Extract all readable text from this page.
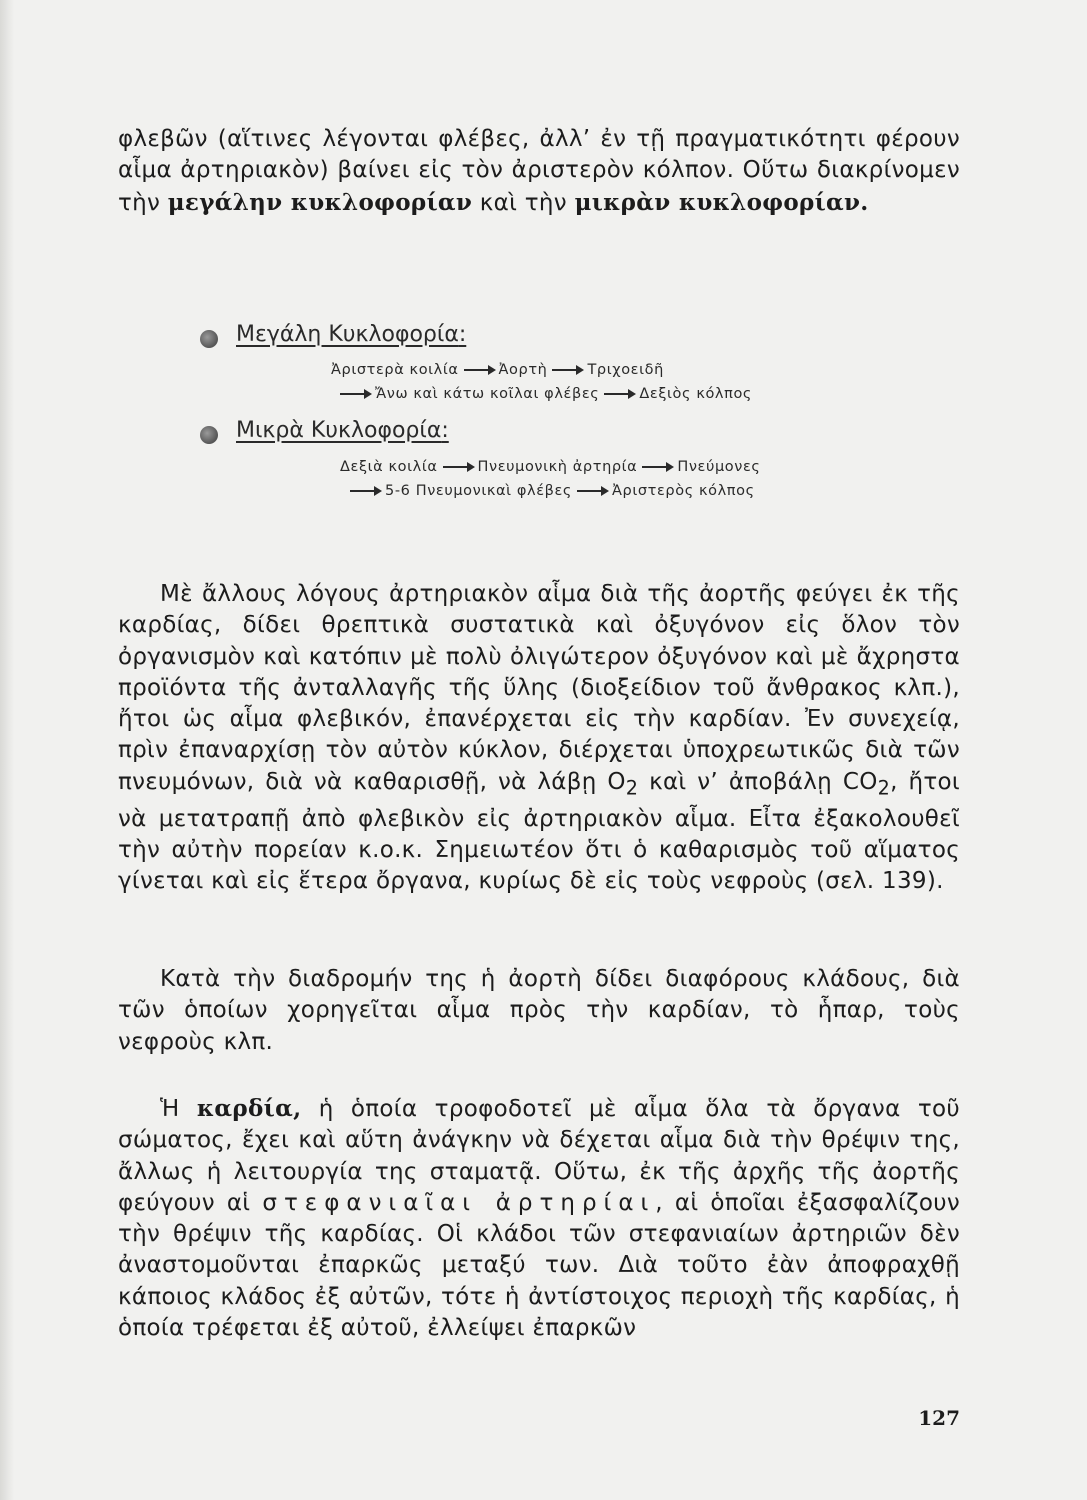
φλεβῶν (αἵτινες λέγονται φλέβες, ἀλλ’ ἐν τῇ πραγματικότητι φέρουν αἷμα ἀρτηριακὸν) βαίνει εἰς τὸν ἀριστερὸν κόλπον. Οὕτω διακρίνομεν τὴν μεγάλην κυκλοφορίαν καὶ τὴν μικρὰν κυκλοφορίαν.

Μεγάλη Κυκλοφορία:
Ἀριστερὰ κοιλία	Ἀορτὴ	Τριχοειδῆ
Ἄνω καὶ κάτω κοῖλαι φλέβες	Δεξιὸς κόλπος
Μικρὰ Κυκλοφορία:
Δεξιὰ κοιλία	Πνευμονικὴ ἀρτηρία	Πνεύμονες
5-6 Πνευμονικαὶ φλέβες	Ἀριστερὸς κόλπος

Μὲ ἄλλους λόγους ἀρτηριακὸν αἷμα διὰ τῆς ἀορτῆς φεύγει ἐκ τῆς καρδίας, δίδει θρεπτικὰ συστατικὰ καὶ ὀξυγόνον εἰς ὅλον τὸν ὀργανισμὸν καὶ κατόπιν μὲ πολὺ ὀλιγώτερον ὀξυγόνον καὶ μὲ ἄχρηστα προϊόντα τῆς ἀνταλλαγῆς τῆς ὕλης (διοξείδιον τοῦ ἄνθρακος κλπ.), ἤτοι ὡς αἷμα φλεβικόν, ἐπανέρχεται εἰς τὴν καρδίαν. Ἐν συνεχείᾳ, πρὶν ἐπαναρχίσῃ τὸν αὐτὸν κύκλον, διέρχεται ὑποχρεωτικῶς διὰ τῶν πνευμόνων, διὰ νὰ καθαρισθῇ, νὰ λάβῃ $O_2$ καὶ ν’ ἀποβάλῃ $CO_2$, ἤτοι νὰ μετατραπῇ ἀπὸ φλεβικὸν εἰς ἀρτηριακὸν αἷμα. Εἶτα ἐξακολουθεῖ τὴν αὐτὴν πορείαν κ.ο.κ. Σημειωτέον ὅτι ὁ καθαρισμὸς τοῦ αἵματος γίνεται καὶ εἰς ἕτερα ὄργανα, κυρίως δὲ εἰς τοὺς νεφροὺς (σελ. 139).

Κατὰ τὴν διαδρομήν της ἡ ἀορτὴ δίδει διαφόρους κλάδους, διὰ τῶν ὁποίων χορηγεῖται αἷμα πρὸς τὴν καρδίαν, τὸ ἧπαρ, τοὺς νεφροὺς κλπ.

Ἡ καρδία, ἡ ὁποία τροφοδοτεῖ μὲ αἷμα ὅλα τὰ ὄργανα τοῦ σώματος, ἔχει καὶ αὕτη ἀνάγκην νὰ δέχεται αἷμα διὰ τὴν θρέψιν της, ἄλλως ἡ λειτουργία της σταματᾷ. Οὕτω, ἐκ τῆς ἀρχῆς τῆς ἀορτῆς φεύγουν αἱ στεφανιαῖαι ἀρτηρίαι, αἱ ὁποῖαι ἐξασφαλίζουν τὴν θρέψιν τῆς καρδίας. Οἱ κλάδοι τῶν στεφανιαίων ἀρτηριῶν δὲν ἀναστομοῦνται ἐπαρκῶς μεταξύ των. Διὰ τοῦτο ἐὰν ἀποφραχθῇ κάποιος κλάδος ἐξ αὐτῶν, τότε ἡ ἀντίστοιχος περιοχὴ τῆς καρδίας, ἡ ὁποία τρέφεται ἐξ αὐτοῦ, ἐλλείψει ἐπαρκῶν

127
